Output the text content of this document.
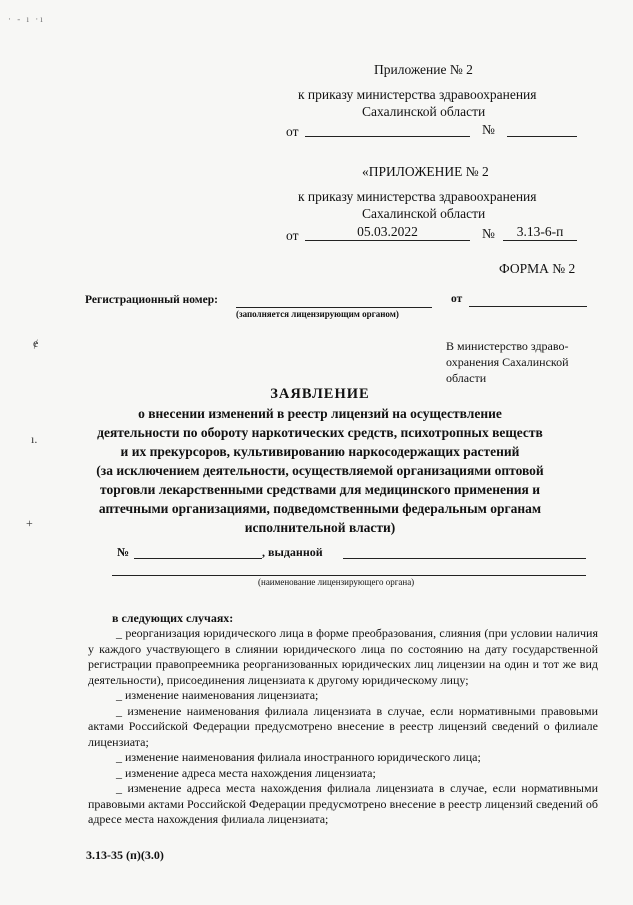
· ‑ ı ·ı
ɇ
ı.
+
Приложение № 2
к приказу министерства здравоохранения
Сахалинской области
от	№
«ПРИЛОЖЕНИЕ № 2
к приказу министерства здравоохранения
Сахалинской области
от	05.03.2022	№	3.13-6-п
ФОРМА № 2
Регистрационный номер:
(заполняется лицензирующим органом)
от
В министерство здраво-
охранения Сахалинской
области
ЗАЯВЛЕНИЕ
о внесении изменений в реестр лицензий на осуществление
деятельности по обороту наркотических средств, психотропных веществ
и их прекурсоров, культивированию наркосодержащих растений
(за исключением деятельности, осуществляемой организациями оптовой
торговли лекарственными средствами для медицинского применения и
аптечными организациями, подведомственными федеральным органам
исполнительной власти)
№	, выданной
(наименование лицензирующего органа)
в следующих случаях:

_ реорганизация юридического лица в форме преобразования, слияния (при условии наличия у каждого участвующего в слиянии юридического лица по состоянию на дату государственной регистрации правопреемника реорганизованных юридических лиц лицензии на один и тот же вид деятельности), присоединения лицензиата к другому юридическому лицу;

_ изменение наименования лицензиата;

_ изменение наименования филиала лицензиата в случае, если нормативными правовыми актами Российской Федерации предусмотрено внесение в реестр лицензий сведений о филиале лицензиата;

_ изменение наименования филиала иностранного юридического лица;

_ изменение адреса места нахождения лицензиата;

_ изменение адреса места нахождения филиала лицензиата в случае, если нормативными правовыми актами Российской Федерации предусмотрено внесение в реестр лицензий сведений об адресе места нахождения филиала лицензиата;

3.13-35 (п)(3.0)
